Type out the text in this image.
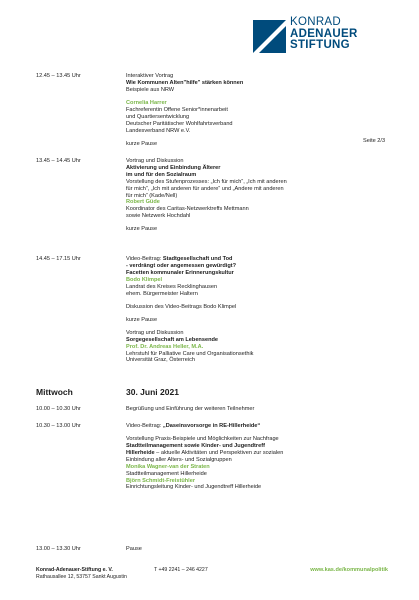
KONRAD
ADENAUER
STIFTUNG
Seite 2/3
12.45 – 13.45 Uhr	Interaktiver Vortrag
Wie Kommunen Alten"hilfe" stärken können
Beispiele aus NRW
Cornelia Harrer
Fachreferentin Offene Senior*innenarbeit
und Quartiersentwicklung
Deutscher Paritätischer Wohlfahrtsverband
Landesverband NRW e.V.
kurze Pause
13.45 – 14.45 Uhr	Vortrag und Diskussion
Aktivierung und Einbindung Älterer
im und für den Sozialraum
Vorstellung des Stufenprozesses: „Ich für mich“, „Ich mit anderen
für mich“, „Ich mit anderen für andere“ und „Andere mit anderen
für mich“ (Kade/Nell)
Robert Güde
Koordinator des Caritas-Netzwerktreffs Mettmann
sowie Netzwerk Hochdahl
kurze Pause
14.45 – 17.15 Uhr	Video-Beitrag: Stadtgesellschaft und Tod
- verdrängt oder angemessen gewürdigt?
Facetten kommunaler Erinnerungskultur
Bodo Klimpel
Landrat des Kreises Recklinghausen
ehem. Bürgermeister Haltern
Diskussion des Video-Beitrags Bodo Klimpel
kurze Pause
Vortrag und Diskussion
Sorgegesellschaft am Lebensende
Prof. Dr. Andreas Heller, M.A.
Lehrstuhl für Palliative Care und Organisationsethik
Universität Graz, Österreich
10.00 – 10.30 Uhr	Begrüßung und Einführung der weiteren Teilnehmer
10.30 – 13.00 Uhr	Video-Beitrag: „Daseinsvorsorge in RE-Hillerheide“
Vorstellung Praxis-Beispiele und Möglichkeiten zur Nachfrage
Stadtteilmanagement sowie Kinder- und Jugendtreff
Hillerheide – aktuelle Aktivitäten und Perspektiven zur sozialen
Einbindung aller Alters- und Sozialgruppen
Monika Wagner-van der Straten
Stadtteilmanagement Hillerheide
Björn Schmidt-Freistühler
Einrichtungsleitung Kinder- und Jugendtreff Hillerheide
13.00 – 13.30 Uhr	Pause
Mittwoch	30. Juni 2021
Konrad-Adenauer-Stiftung e. V.
Rathausallee 12, 53757 Sankt Augustin
T +49 2241 – 246 4227	www.kas.de/kommunalpolitik
